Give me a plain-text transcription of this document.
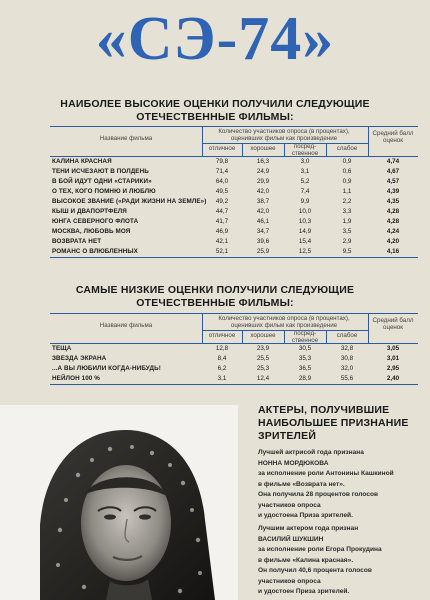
«СЭ-74»
НАИБОЛЕЕ ВЫСОКИЕ ОЦЕНКИ ПОЛУЧИЛИ СЛЕДУЮЩИЕ
ОТЕЧЕСТВЕННЫЕ ФИЛЬМЫ:
Название фильма
Количество участников опроса (в процентах), оценивших фильм как произведение
отличное	хорошее	посред-ственное
слабое
Средний балл оценок
КАЛИНА КРАСНАЯ	79,8	16,3	3,0	0,9	4,74
ТЕНИ ИСЧЕЗАЮТ В ПОЛДЕНЬ	71,4	24,9	3,1	0,6	4,67
В БОЙ ИДУТ ОДНИ «СТАРИКИ»	64,0	29,9	5,2	0,9	4,57
О ТЕХ, КОГО ПОМНЮ И ЛЮБЛЮ	49,5	42,0	7,4	1,1	4,39
ВЫСОКОЕ ЗВАНИЕ («РАДИ ЖИЗНИ НА ЗЕМЛЕ»)	49,2	38,7	9,9	2,2	4,35
КЫШ И ДВАПОРТФЕЛЯ	44,7	42,0	10,0	3,3	4,28
ЮНГА СЕВЕРНОГО ФЛОТА	41,7	46,1	10,3	1,9	4,28
МОСКВА, ЛЮБОВЬ МОЯ	46,9	34,7	14,9	3,5	4,24
ВОЗВРАТА НЕТ	42,1	39,6	15,4	2,9	4,20
РОМАНС О ВЛЮБЛЕННЫХ	52,1	25,9	12,5	9,5	4,16
САМЫЕ НИЗКИЕ ОЦЕНКИ ПОЛУЧИЛИ СЛЕДУЮЩИЕ
ОТЕЧЕСТВЕННЫЕ ФИЛЬМЫ:
Название фильма
Количество участников опроса (в процентах), оценивших фильм как произведение
отличное	хорошее	посред-ственное
слабое
Средний балл оценок
ТЕЩА	12,8	23,9	30,5	32,8	3,05
ЗВЕЗДА ЭКРАНА	8,4	25,5	35,3	30,8	3,01
...А ВЫ ЛЮБИЛИ КОГДА-НИБУДЬ!	6,2	25,3	36,5	32,0	2,95
НЕЙЛОН 100 %	3,1	12,4	28,9	55,6	2,40
АКТЕРЫ, ПОЛУЧИВШИЕ
НАИБОЛЬШЕЕ ПРИЗНАНИЕ
ЗРИТЕЛЕЙ
Лучшей актрисой года признана
НОННА МОРДЮКОВА
за исполнение роли Антонины Кашкиной
в фильме «Возврата нет».
Она получила 28 процентов голосов
участников опроса
и удостоена Приза зрителей.
Лучшим актером года признан
ВАСИЛИЙ ШУКШИН
за исполнение роли Егора Прокудина
в фильме «Калина красная».
Он получил 40,6 процента голосов
участников опроса
и удостоен Приза зрителей.
